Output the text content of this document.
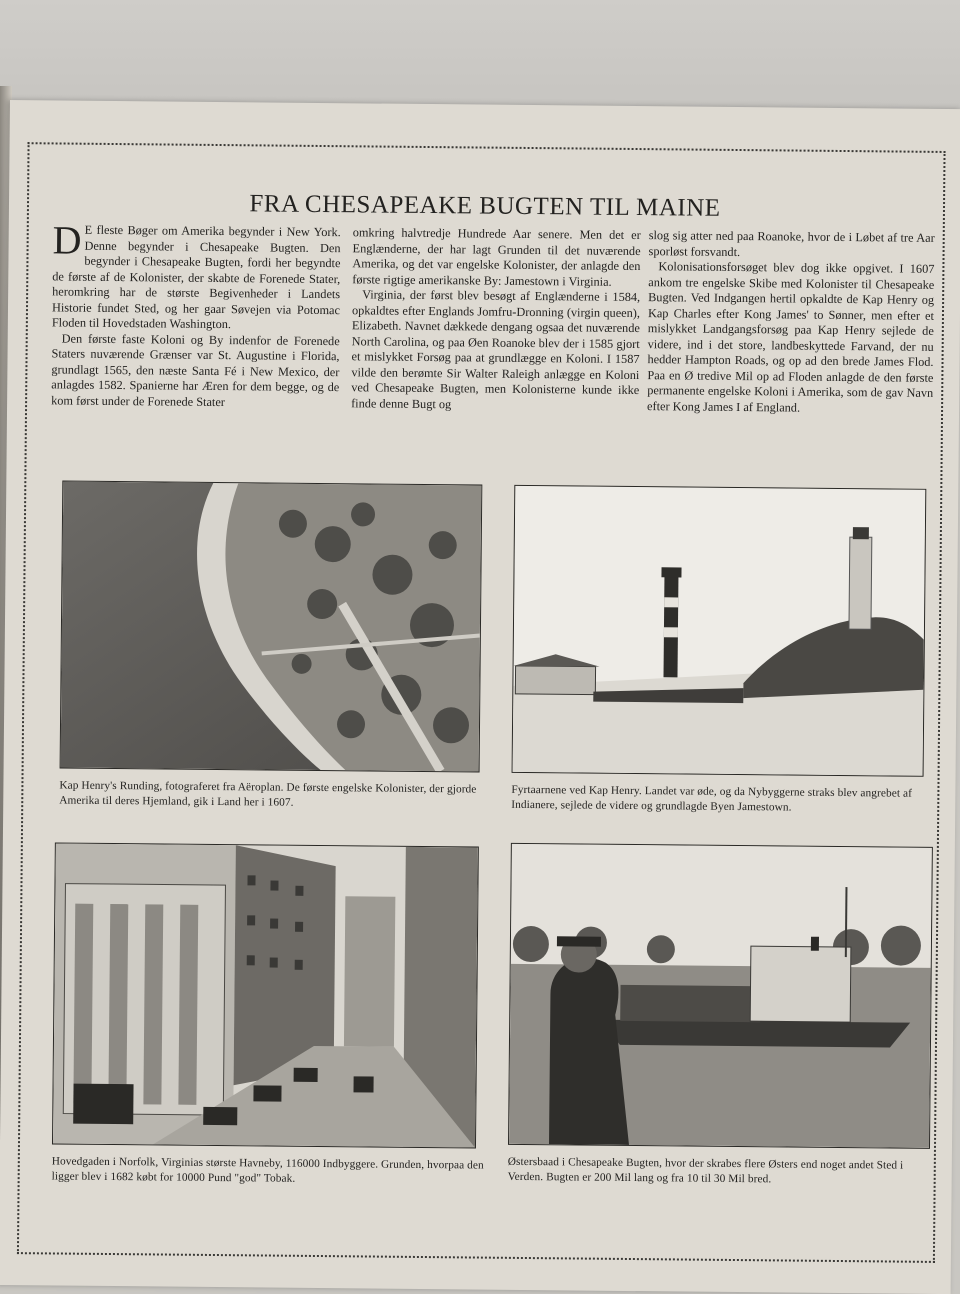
FRA CHESAPEAKE BUGTEN TIL MAINE

D E fleste Bøger om Amerika begynder i New York. Denne begynder i Chesapeake Bugten. Den begynder i Chesapeake Bugten, fordi her begyndte de første af de Kolonister, der skabte de Forenede Stater, heromkring har de største Begivenheder i Landets Historie fundet Sted, og her gaar Søvejen via Potomac Floden til Hovedstaden Washington.

Den første faste Koloni og By indenfor de Forenede Staters nuværende Grænser var St. Augustine i Florida, grundlagt 1565, den næste Santa Fé i New Mexico, der anlagdes 1582. Spanierne har Æren for dem begge, og de kom først under de Forenede Stater

omkring halvtredje Hundrede Aar senere. Men det er Englænderne, der har lagt Grunden til det nuværende Amerika, og det var engelske Kolonister, der anlagde den første rigtige amerikanske By: Jamestown i Virginia.

Virginia, der først blev besøgt af Englænderne i 1584, opkaldtes efter Englands Jomfru-Dronning (virgin queen), Elizabeth. Navnet dækkede dengang ogsaa det nuværende North Carolina, og paa Øen Roanoke blev der i 1585 gjort et mislykket Forsøg paa at grundlægge en Koloni. I 1587 vilde den berømte Sir Walter Raleigh anlægge en Koloni ved Chesapeake Bugten, men Kolonisterne kunde ikke finde denne Bugt og

slog sig atter ned paa Roanoke, hvor de i Løbet af tre Aar sporløst forsvandt.

Kolonisationsforsøget blev dog ikke opgivet. I 1607 ankom tre engelske Skibe med Kolonister til Chesapeake Bugten. Ved Indgangen hertil opkaldte de Kap Henry og Kap Charles efter Kong James' to Sønner, men efter et mislykket Landgangsforsøg paa Kap Henry sejlede de videre, ind i det store, landbeskyttede Farvand, der nu hedder Hampton Roads, og op ad den brede James Flod. Paa en Ø tredive Mil op ad Floden anlagde de den første permanente engelske Koloni i Amerika, som de gav Navn efter Kong James I af England.

Kap Henry's Runding, fotograferet fra Aëroplan. De første engelske Kolonister, der gjorde Amerika til deres Hjemland, gik i Land her i 1607.
Fyrtaarnene ved Kap Henry. Landet var øde, og da Nybyggerne straks blev angrebet af Indianere, sejlede de videre og grundlagde Byen Jamestown.
Hovedgaden i Norfolk, Virginias største Havneby, 116000 Indbyggere. Grunden, hvorpaa den ligger blev i 1682 købt for 10000 Pund "god" Tobak.
Østersbaad i Chesapeake Bugten, hvor der skrabes flere Østers end noget andet Sted i Verden. Bugten er 200 Mil lang og fra 10 til 30 Mil bred.
